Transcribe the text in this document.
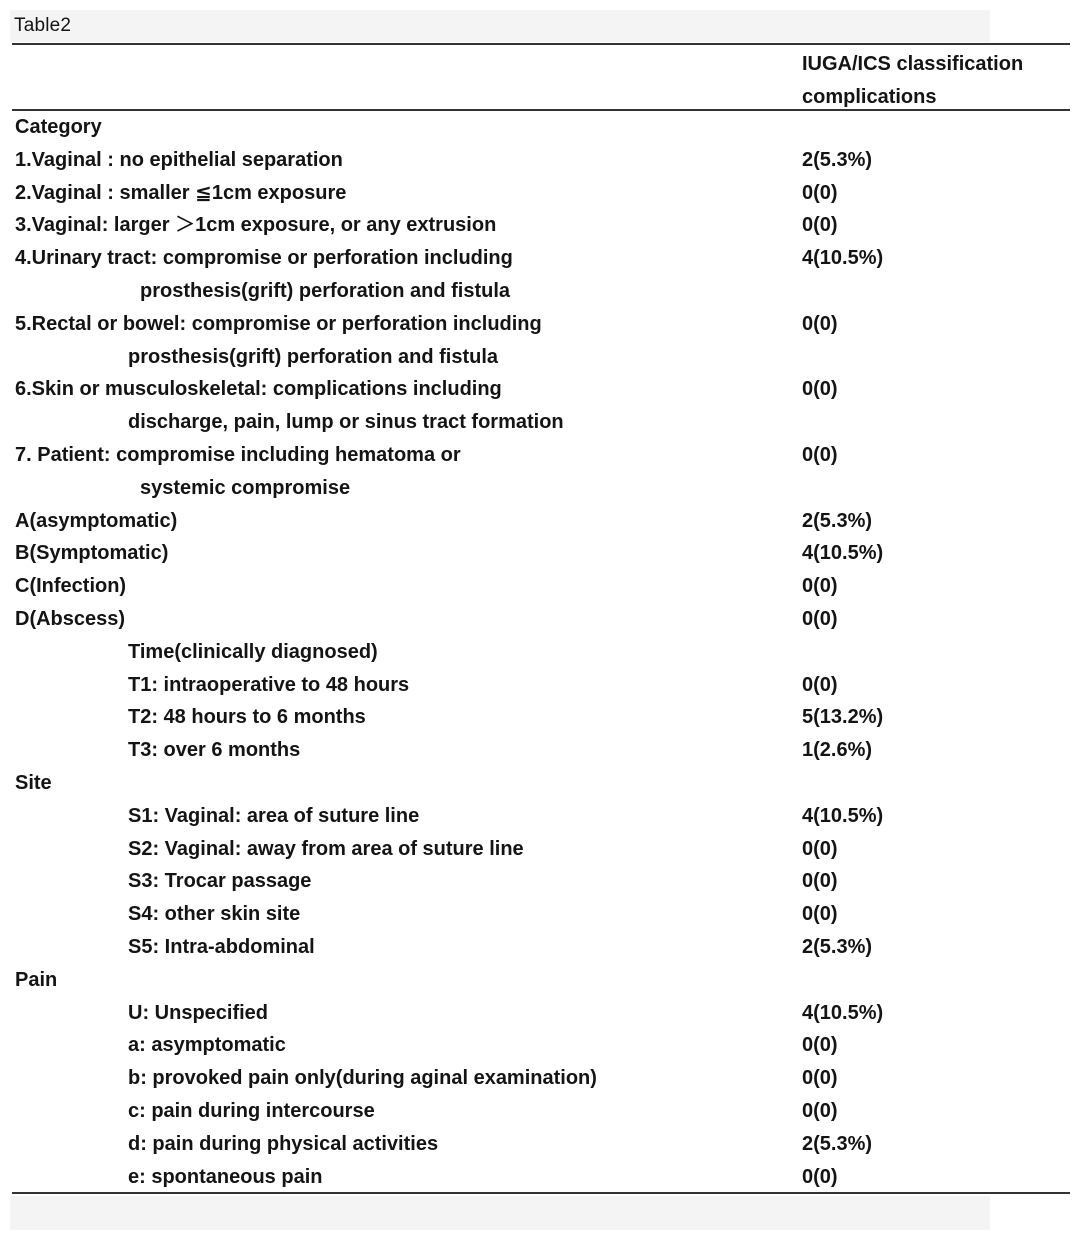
Table2
IUGA/ICS classification
complications
Category
1.Vaginal : no epithelial separation	2(5.3%)
2.Vaginal : smaller ≦1cm exposure	0(0)
3.Vaginal: larger ＞1cm exposure, or any extrusion	0(0)
4.Urinary tract: compromise or perforation including	4(10.5%)
prosthesis(grift) perforation and fistula
5.Rectal or bowel: compromise or perforation including	0(0)
prosthesis(grift) perforation and fistula
6.Skin or musculoskeletal: complications including	0(0)
discharge, pain, lump or sinus tract formation
7. Patient: compromise including hematoma or	0(0)
systemic compromise
A(asymptomatic)	2(5.3%)
B(Symptomatic)	4(10.5%)
C(Infection)	0(0)
D(Abscess)	0(0)
Time(clinically diagnosed)
T1: intraoperative to 48 hours	0(0)
T2: 48 hours to 6 months	5(13.2%)
T3: over 6 months	1(2.6%)
Site
S1: Vaginal: area of suture line	4(10.5%)
S2: Vaginal: away from area of suture line	0(0)
S3: Trocar passage	0(0)
S4: other skin site	0(0)
S5: Intra-abdominal	2(5.3%)
Pain
U: Unspecified	4(10.5%)
a: asymptomatic	0(0)
b: provoked pain only(during aginal examination)	0(0)
c: pain during intercourse	0(0)
d: pain during physical activities	2(5.3%)
e: spontaneous pain	0(0)
